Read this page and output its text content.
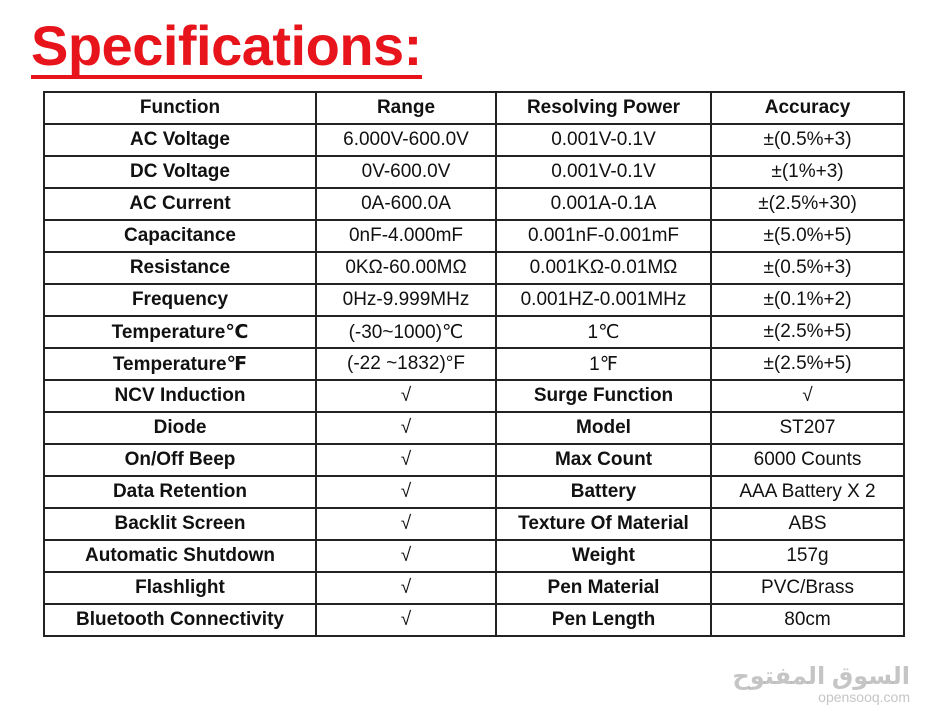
Specifications:
Function	Range	Resolving Power	Accuracy
AC Voltage	6.000V-600.0V	0.001V-0.1V	±(0.5%+3)
DC Voltage	0V-600.0V	0.001V-0.1V	±(1%+3)
AC Current	0A-600.0A	0.001A-0.1A	±(2.5%+30)
Capacitance	0nF-4.000mF	0.001nF-0.001mF	±(5.0%+5)
Resistance	0KΩ-60.00MΩ	0.001KΩ-0.01MΩ	±(0.5%+3)
Frequency	0Hz-9.999MHz	0.001HZ-0.001MHz	±(0.1%+2)
Temperature℃	(-30~1000)℃	1℃	±(2.5%+5)
Temperature℉	(-22 ~1832)°F	1℉	±(2.5%+5)
NCV Induction	√	Surge Function	√
Diode	√	Model	ST207
On/Off Beep	√	Max Count	6000 Counts
Data Retention	√	Battery	AAA Battery X 2
Backlit Screen	√	Texture Of Material	ABS
Automatic Shutdown	√	Weight	157g
Flashlight	√	Pen Material	PVC/Brass
Bluetooth Connectivity	√	Pen Length	80cm
السوق المفتوح
opensooq.com
